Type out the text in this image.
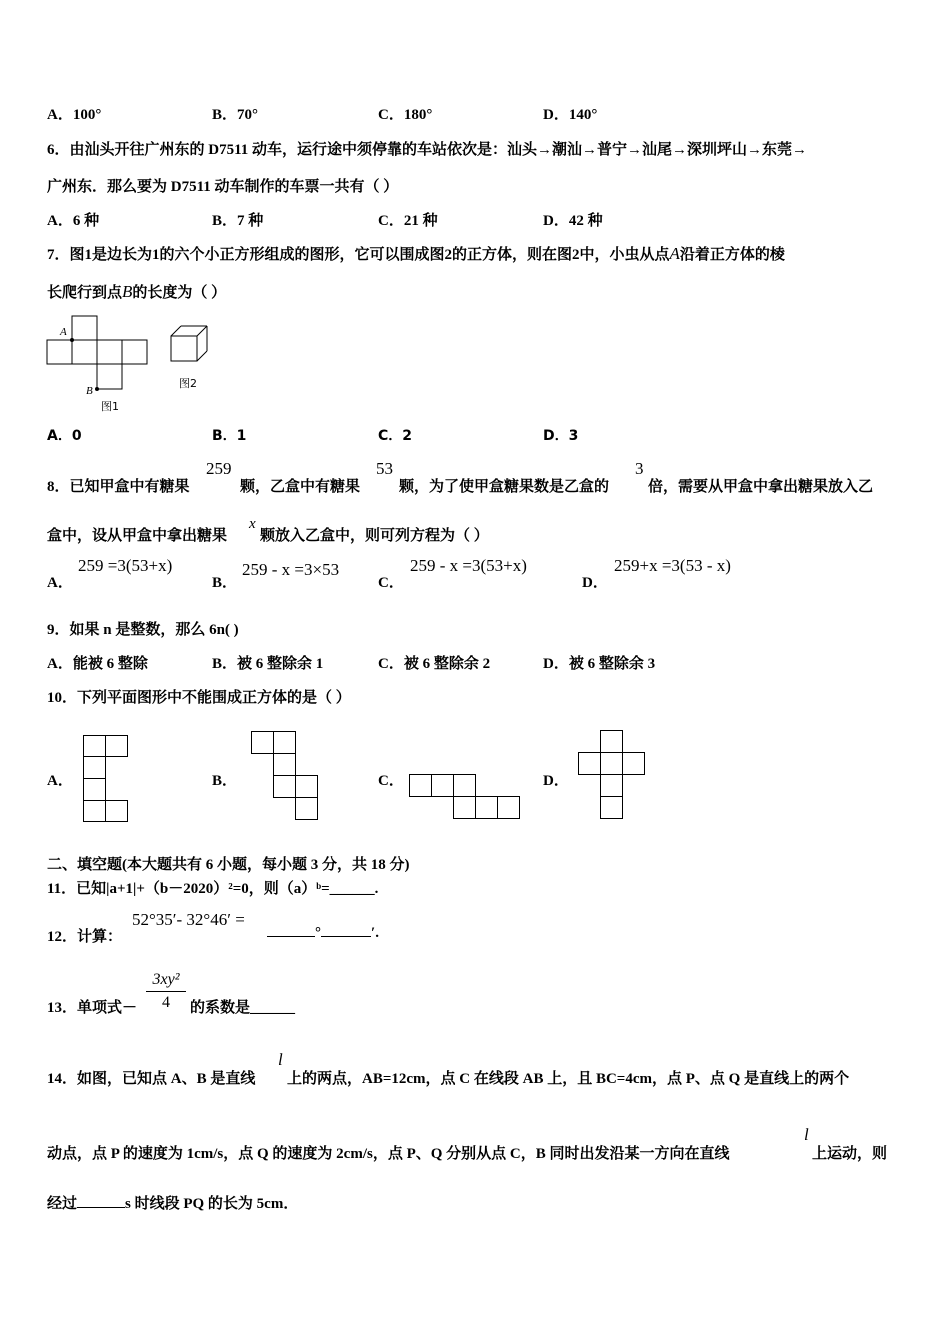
A．100°	B．70°	C．180°	D．140°
6．由汕头开往广州东的 D7511 动车，运行途中须停靠的车站依次是：汕头→潮汕→普宁→汕尾→深圳坪山→东莞→
广州东．那么要为 D7511 动车制作的车票一共有（ ）
A．6 种	B．7 种	C．21 种	D．42 种
7．图1是边长为1的六个小正方形组成的图形，它可以围成图2的正方体，则在图2中，小虫从点A沿着正方体的棱
长爬行到点B的长度为（ ）
A
B
图1
图2
A．0	B．1	C．2	D．3
8．已知甲盒中有糖果
259
颗，乙盒中有糖果
53
颗，为了使甲盒糖果数是乙盒的
3
倍，需要从甲盒中拿出糖果放入乙
盒中，设从甲盒中拿出糖果
x
颗放入乙盒中，则可列方程为（ ）
A．
259 =3(53+x)
B．
259 - x =3×53
C．
259 - x =3(53+x)
D．
259+x =3(53 - x)
9．如果 n 是整数，那么 6n( )
A．能被 6 整除	B．被 6 整除余 1	C．被 6 整除余 2	D．被 6 整除余 3
10．下列平面图形中不能围成正方体的是（ ）
A．	B．	C．	D．
二、填空题(本大题共有 6 小题，每小题 3 分，共 18 分)
11．已知|a+1|+（b－2020）²=0，则（a）ᵇ=______.
12．计算：
52°35′- 32°46′ =
°	′.
13．单项式－ $\frac{\text{3xy²}}{4}$ 的系数是______
14．如图，已知点 A、B 是直线
l
上的两点，AB=12cm，点 C 在线段 AB 上，且 BC=4cm，点 P、点 Q 是直线上的两个
动点，点 P 的速度为 1cm/s，点 Q 的速度为 2cm/s，点 P、Q 分别从点 C，B 同时出发沿某一方向在直线
l
上运动，则
经过	s 时线段 PQ 的长为 5cm．
